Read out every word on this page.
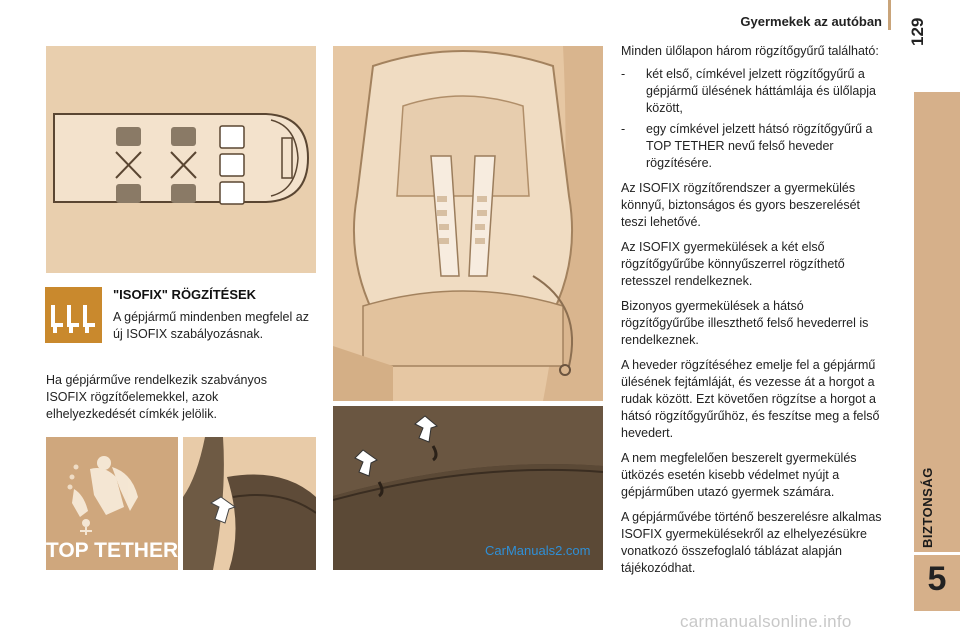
Gyermekek az autóban 129
BIZTONSÁG
5
"ISOFIX" RÖGZÍTÉSEK
A gépjármű mindenben megfelel az új ISOFIX szabályozásnak.
Ha gépjárműve rendelkezik szabványos ISOFIX rögzítőelemekkel, azok elhelyezkedését címkék jelölik.
TOP TETHER

Minden ülőlapon három rögzítőgyűrű található:

- két első, címkével jelzett rögzítőgyűrű a gépjármű ülésének háttámlája és ülőlapja között,
- egy címkével jelzett hátsó rögzítőgyűrű a TOP TETHER nevű felső heveder rögzítésére.

Az ISOFIX rögzítőrendszer a gyermekülés könnyű, biztonságos és gyors beszerelését teszi lehetővé.

Az ISOFIX gyermekülések a két első rögzítőgyűrűbe könnyűszerrel rögzíthető retesszel rendelkeznek.

Bizonyos gyermekülések a hátsó rögzítőgyűrűbe illeszthető felső hevederrel is rendelkeznek.

A heveder rögzítéséhez emelje fel a gépjármű ülésének fejtámláját, és vezesse át a horgot a rudak között. Ezt követően rögzítse a horgot a hátsó rögzítőgyűrűhöz, és feszítse meg a felső hevedert.

A nem megfelelően beszerelt gyermekülés ütközés esetén kisebb védelmet nyújt a gépjárműben utazó gyermek számára.

A gépjárművébe történő beszerelésre alkalmas ISOFIX gyermekülésekről az elhelyezésükre vonatkozó összefoglaló táblázat alapján tájékozódhat.

CarManuals2.com
carmanualsonline.info
